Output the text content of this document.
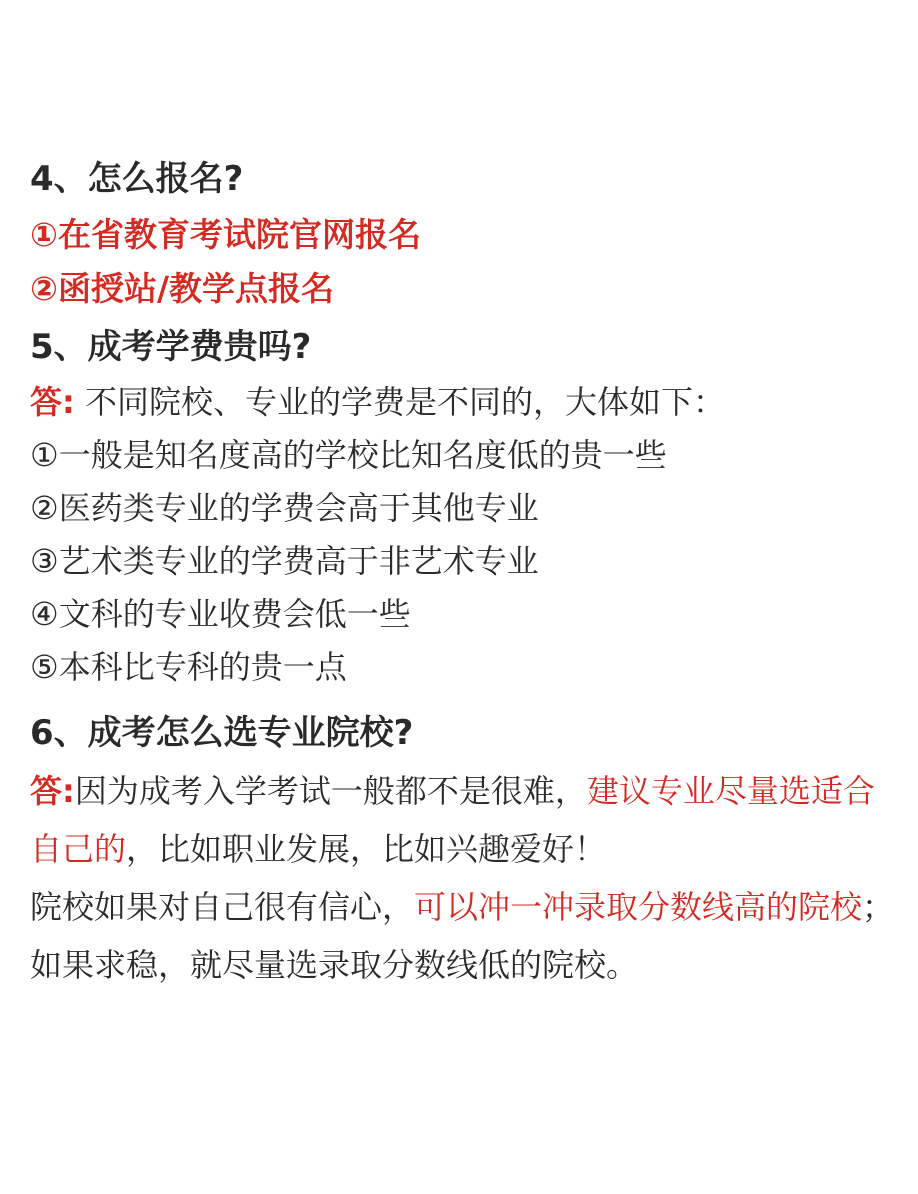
4、怎么报名?
①在省教育考试院官网报名
②函授站/教学点报名
5、成考学费贵吗?
答: 不同院校、专业的学费是不同的，大体如下：
①一般是知名度高的学校比知名度低的贵一些
②医药类专业的学费会高于其他专业
③艺术类专业的学费高于非艺术专业
④文科的专业收费会低一些
⑤本科比专科的贵一点
6、成考怎么选专业院校?
答:因为成考入学考试一般都不是很难，建议专业尽量选适合自己的，比如职业发展，比如兴趣爱好！
院校如果对自己很有信心，可以冲一冲录取分数线高的院校；如果求稳，就尽量选录取分数线低的院校。
